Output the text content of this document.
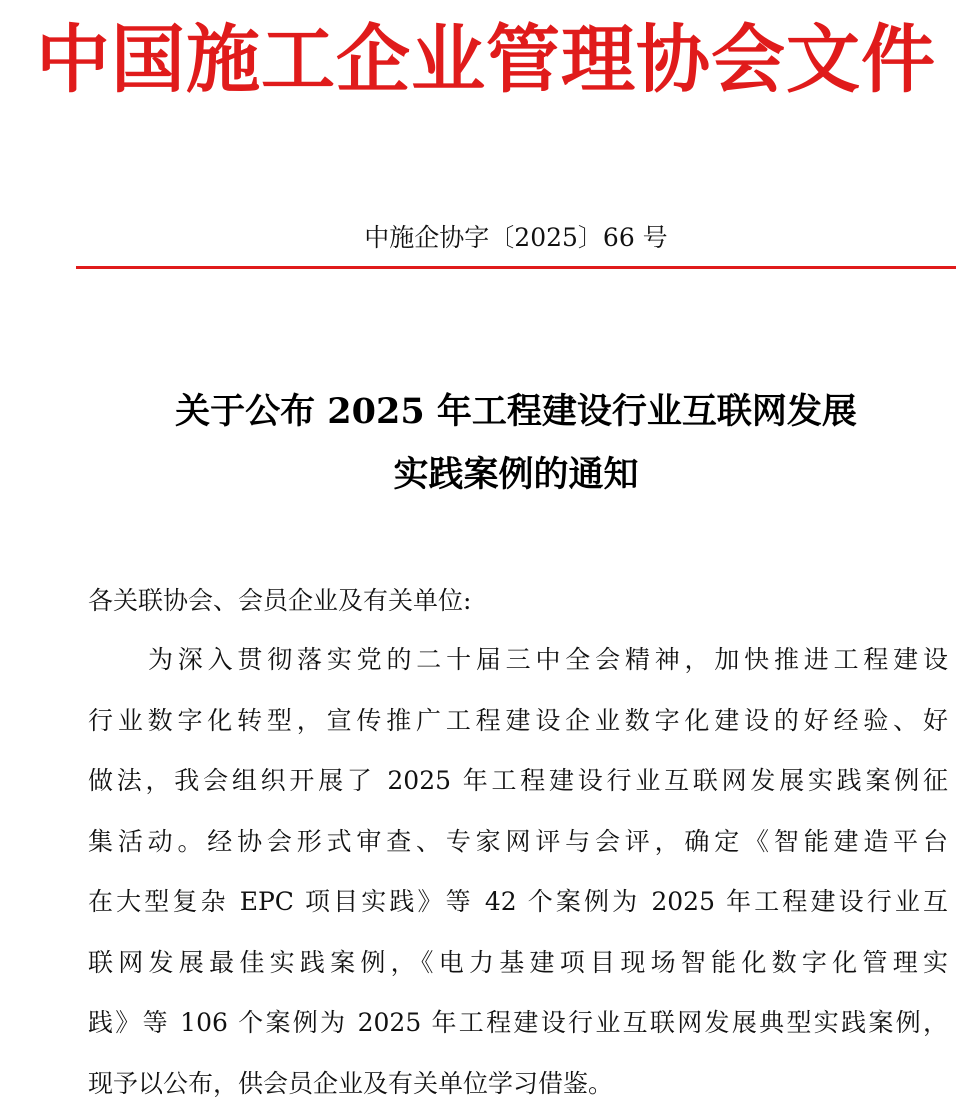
中国施工企业管理协会文件
中施企协字〔2025〕66 号
关于公布 2025 年工程建设行业互联网发展
实践案例的通知
各关联协会、会员企业及有关单位:
为深入贯彻落实党的二十届三中全会精神，加快推进工程建设
行业数字化转型，宣传推广工程建设企业数字化建设的好经验、好
做法，我会组织开展了 2025 年工程建设行业互联网发展实践案例征
集活动。经协会形式审查、专家网评与会评，确定《智能建造平台
在大型复杂 EPC 项目实践》等 42 个案例为 2025 年工程建设行业互
联网发展最佳实践案例，《电力基建项目现场智能化数字化管理实
践》等 106 个案例为 2025 年工程建设行业互联网发展典型实践案例，
现予以公布，供会员企业及有关单位学习借鉴。
